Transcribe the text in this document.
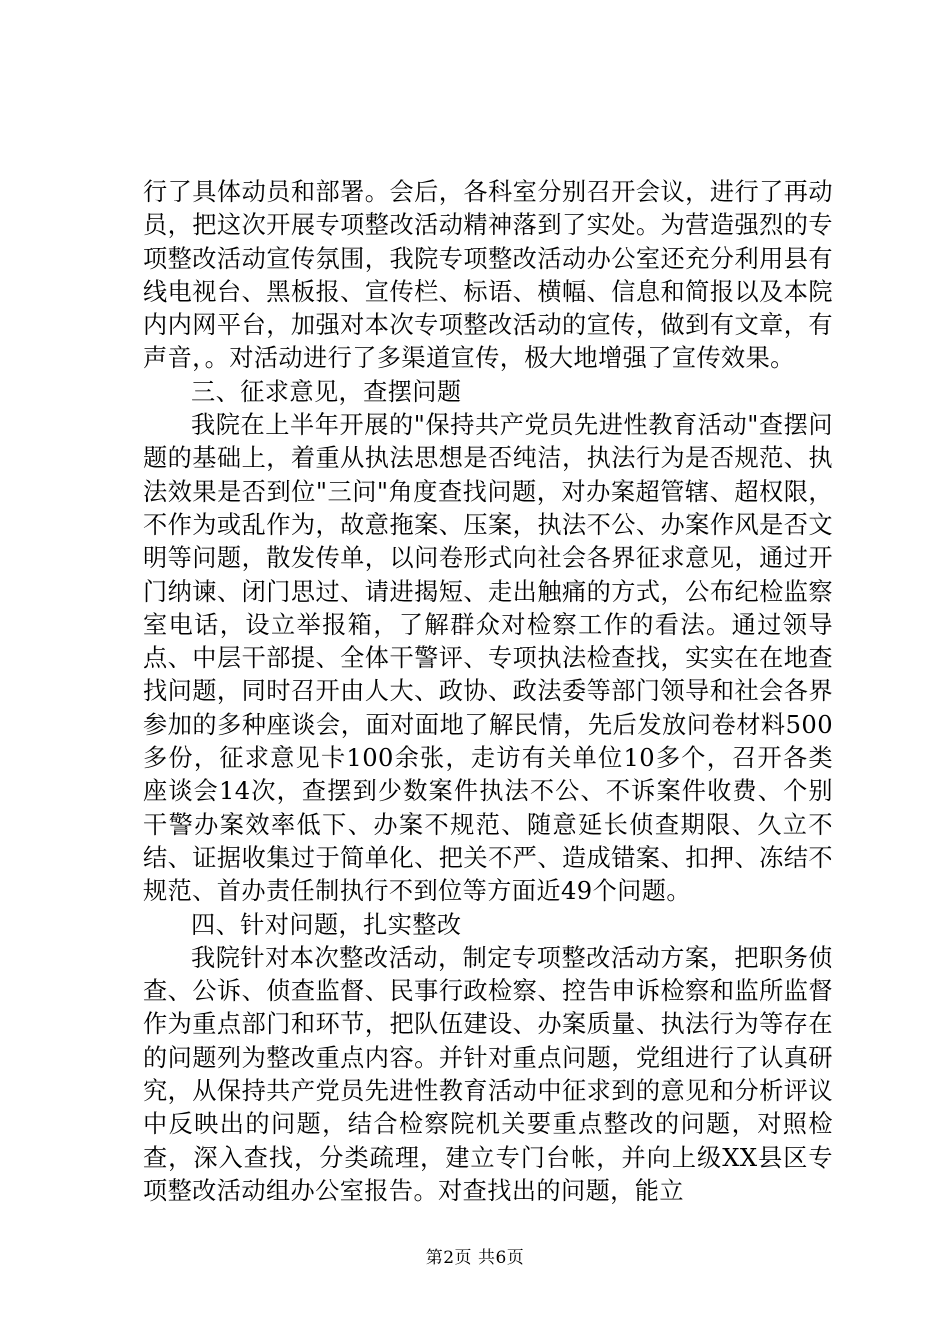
行了具体动员和部署。会后，各科室分别召开会议，进行了再动员，把这次开展专项整改活动精神落到了实处。为营造强烈的专项整改活动宣传氛围，我院专项整改活动办公室还充分利用县有线电视台、黑板报、宣传栏、标语、横幅、信息和简报以及本院内内网平台，加强对本次专项整改活动的宣传，做到有文章，有声音，。对活动进行了多渠道宣传，极大地增强了宣传效果。

三、征求意见，查摆问题

我院在上半年开展的"保持共产党员先进性教育活动"查摆问题的基础上，着重从执法思想是否纯洁，执法行为是否规范、执法效果是否到位"三问"角度查找问题，对办案超管辖、超权限，不作为或乱作为，故意拖案、压案，执法不公、办案作风是否文明等问题，散发传单，以问卷形式向社会各界征求意见，通过开门纳谏、闭门思过、请进揭短、走出触痛的方式，公布纪检监察室电话，设立举报箱，了解群众对检察工作的看法。通过领导点、中层干部提、全体干警评、专项执法检查找，实实在在地查找问题，同时召开由人大、政协、政法委等部门领导和社会各界参加的多种座谈会，面对面地了解民情，先后发放问卷材料500多份，征求意见卡100余张，走访有关单位10多个，召开各类座谈会14次，查摆到少数案件执法不公、不诉案件收费、个别干警办案效率低下、办案不规范、随意延长侦查期限、久立不结、证据收集过于简单化、把关不严、造成错案、扣押、冻结不规范、首办责任制执行不到位等方面近49个问题。

四、针对问题，扎实整改

我院针对本次整改活动，制定专项整改活动方案，把职务侦查、公诉、侦查监督、民事行政检察、控告申诉检察和监所监督作为重点部门和环节，把队伍建设、办案质量、执法行为等存在的问题列为整改重点内容。并针对重点问题，党组进行了认真研究，从保持共产党员先进性教育活动中征求到的意见和分析评议中反映出的问题，结合检察院机关要重点整改的问题，对照检查，深入查找，分类疏理，建立专门台帐，并向上级XX县区专项整改活动组办公室报告。对查找出的问题，能立

第2页 共6页
